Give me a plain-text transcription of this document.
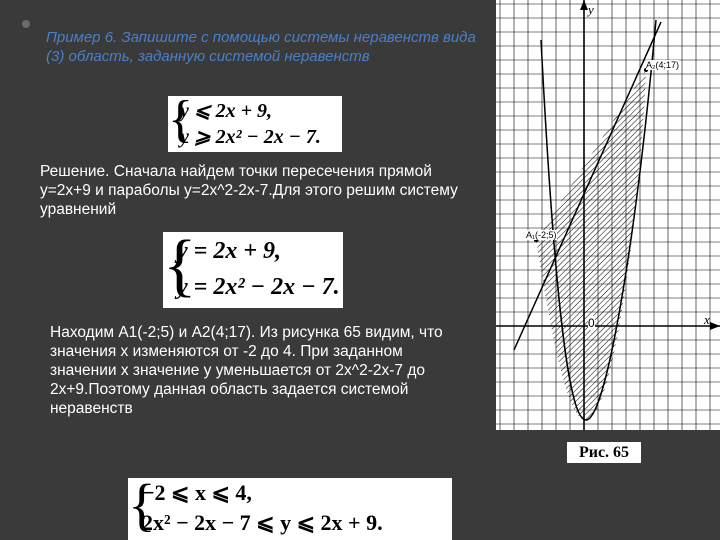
Пример 6. Запишите с помощью системы неравенств вида (3) область, заданную системой неравенств
{
y ⩽ 2x + 9,
y ⩾ 2x² − 2x − 7.
Решение. Сначала найдем точки пересечения прямой y=2x+9 и параболы y=2x^2-2x-7.Для этого решим систему уравнений
{
y = 2x + 9,
y = 2x² − 2x − 7.
Находим A1(-2;5) и A2(4;17). Из рисунка 65 видим, что значения x изменяются от -2 до 4. При заданном значении x значение y уменьшается от 2x^2-2x-7 до 2x+9.Поэтому данная область задается системой неравенств
{
−2 ⩽ x ⩽ 4,
2x² − 2x − 7 ⩽ y ⩽ 2x + 9.
y
x
0
A₁(-2;5)
A₂(4;17)
Рис. 65
